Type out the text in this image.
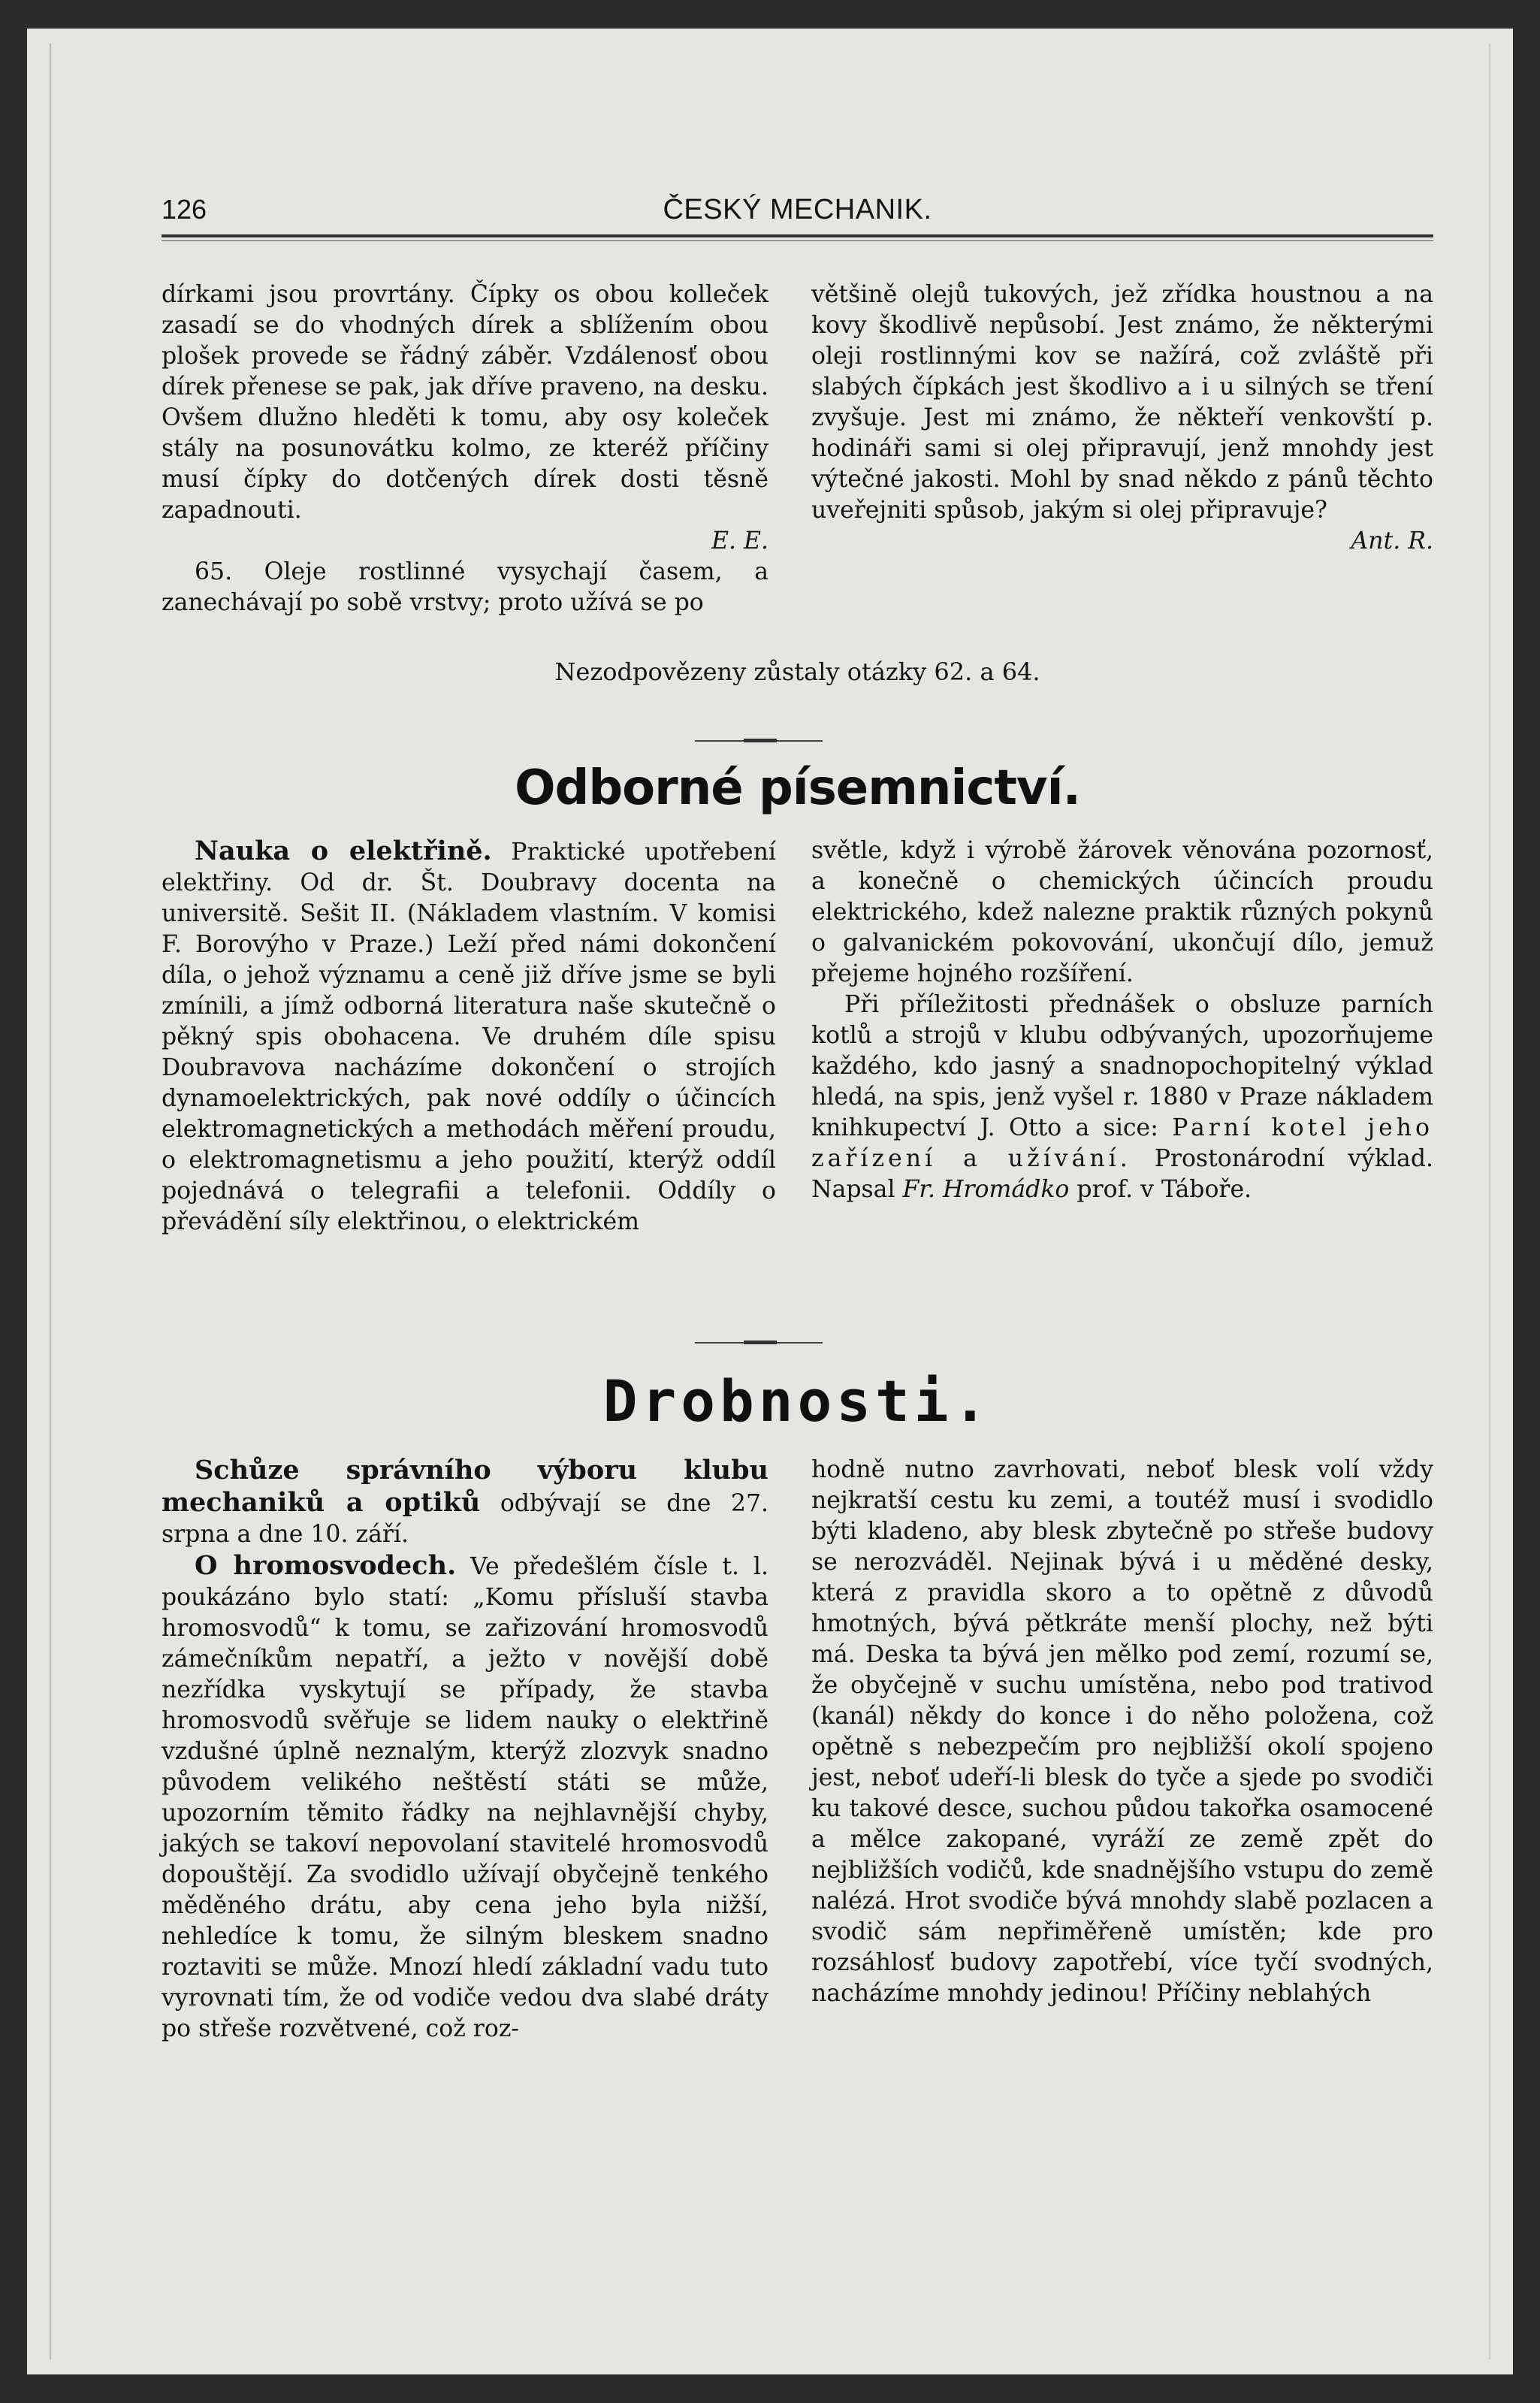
126	ČESKÝ MECHANIK.

dírkami jsou provrtány. Čípky os obou kolleček zasadí se do vhodných dírek a sblížením obou plošek provede se řádný záběr. Vzdálenosť obou dírek přenese se pak, jak dříve praveno, na desku. Ovšem dlužno hleděti k tomu, aby osy koleček stály na posunovátku kolmo, ze kteréž příčiny musí čípky do dotčených dírek dosti těsně zapadnouti.

E. E.

65. Oleje rostlinné vysychají časem, a zanechávají po sobě vrstvy; proto užívá se po

většině olejů tukových, jež zřídka houstnou a na kovy škodlivě nepůsobí. Jest známo, že některými oleji rostlinnými kov se nažírá, což zvláště při slabých čípkách jest škodlivo a i u silných se tření zvyšuje. Jest mi známo, že někteří venkovští p. hodináři sami si olej připravují, jenž mnohdy jest výtečné jakosti. Mohl by snad někdo z pánů těchto uveřejniti spůsob, jakým si olej připravuje?

Ant. R.

Nezodpovězeny zůstaly otázky 62. a 64.
Odborné písemnictví.

Nauka o elektřině. Praktické upotřebení elektřiny. Od dr. Št. Doubravy docenta na universitě. Sešit II. (Nákladem vlastním. V komisi F. Borovýho v Praze.) Leží před námi dokončení díla, o jehož významu a ceně již dříve jsme se byli zmínili, a jímž odborná literatura naše skutečně o pěkný spis obohacena. Ve druhém díle spisu Doubravova nacházíme dokončení o strojích dynamoelektrických, pak nové oddíly o účincích elektromagnetických a methodách měření proudu, o elektromagnetismu a jeho použití, kterýž oddíl pojednává o telegrafii a telefonii. Oddíly o převádění síly elektřinou, o elektrickém

světle, když i výrobě žárovek věnována pozornosť, a konečně o chemických účincích proudu elektrického, kdež nalezne praktik různých pokynů o galvanickém pokovování, ukončují dílo, jemuž přejeme hojného rozšíření.

Při příležitosti přednášek o obsluze parních kotlů a strojů v klubu odbývaných, upozorňujeme každého, kdo jasný a snadnopochopitelný výklad hledá, na spis, jenž vyšel r. 1880 v Praze nákladem knihkupectví J. Otto a sice: Parní kotel jeho zařízení a užívání. Prostonárodní výklad. Napsal Fr. Hromádko prof. v Táboře.

Drobnosti.

Schůze správního výboru klubu mechaniků a optiků odbývají se dne 27. srpna a dne 10. září.

O hromosvodech. Ve předešlém čísle t. l. poukázáno bylo statí: „Komu přísluší stavba hromosvodů“ k tomu, se zařizování hromosvodů zámečníkům nepatří, a ježto v novější době nezřídka vyskytují se případy, že stavba hromosvodů svěřuje se lidem nauky o elektřině vzdušné úplně neznalým, kterýž zlozvyk snadno původem velikého neštěstí státi se může, upozorním těmito řádky na nejhlavnější chyby, jakých se takoví nepovolaní stavitelé hromosvodů dopouštějí. Za svodidlo užívají obyčejně tenkého měděného drátu, aby cena jeho byla nižší, nehledíce k tomu, že silným bleskem snadno roztaviti se může. Mnozí hledí základní vadu tuto vyrovnati tím, že od vodiče vedou dva slabé dráty po střeše rozvětvené, což roz-

hodně nutno zavrhovati, neboť blesk volí vždy nejkratší cestu ku zemi, a toutéž musí i svodidlo býti kladeno, aby blesk zbytečně po střeše budovy se nerozváděl. Nejinak bývá i u měděné desky, která z pravidla skoro a to opětně z důvodů hmotných, bývá pětkráte menší plochy, než býti má. Deska ta bývá jen mělko pod zemí, rozumí se, že obyčejně v suchu umístěna, nebo pod trativod (kanál) někdy do konce i do něho položena, což opětně s nebezpečím pro nejbližší okolí spojeno jest, neboť udeří-li blesk do tyče a sjede po svodiči ku takové desce, suchou půdou takořka osamocené a mělce zakopané, vyráží ze země zpět do nejbližších vodičů, kde snadnějšího vstupu do země nalézá. Hrot svodiče bývá mnohdy slabě pozlacen a svodič sám nepřiměřeně umístěn; kde pro rozsáhlosť budovy zapotřebí, více tyčí svodných, nacházíme mnohdy jedinou! Příčiny neblahých
